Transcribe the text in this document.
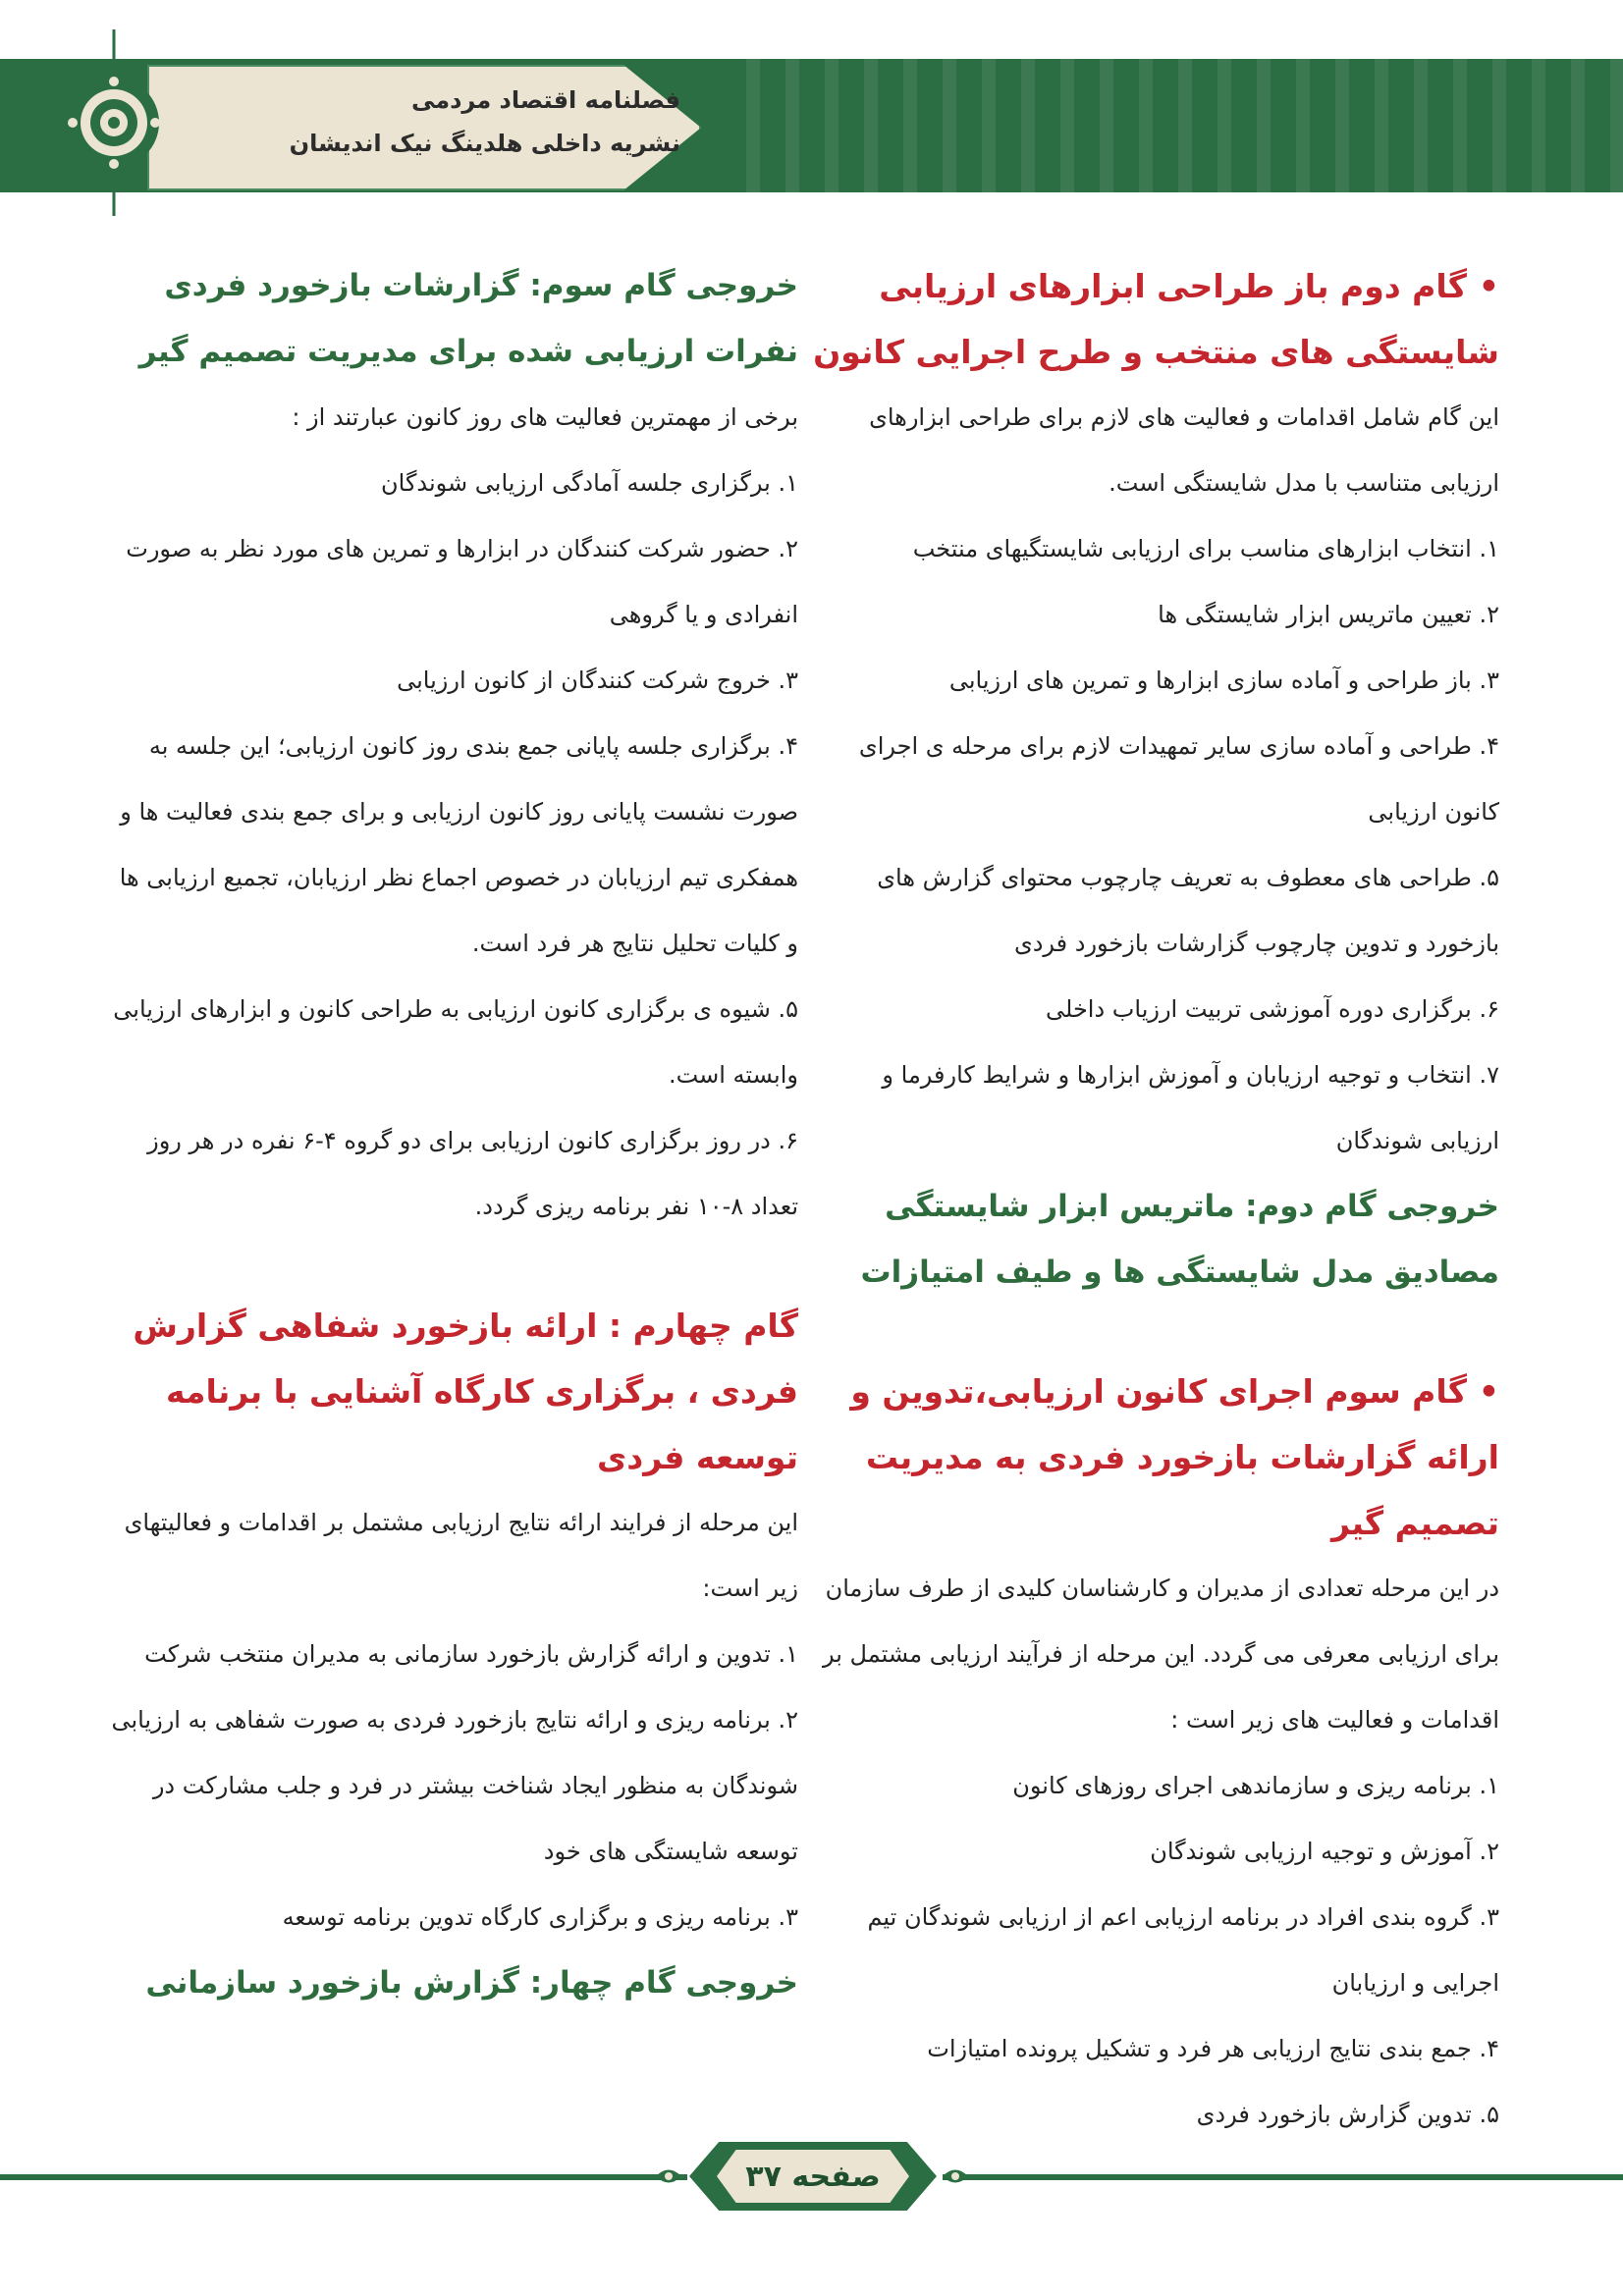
فصلنامه اقتصاد مردمی
نشریه داخلی هلدینگ نیک اندیشان

•گام دوم باز طراحی ابزارهای ارزیابی شایستگی های منتخب و طرح اجرایی کانون

این گام شامل اقدامات و فعالیت های لازم برای طراحی ابزارهای ارزیابی متناسب با مدل شایستگی است.

۱. انتخاب ابزارهای مناسب برای ارزیابی شایستگیهای منتخب
۲. تعیین ماتریس ابزار شایستگی ها
۳. باز طراحی و آماده سازی ابزارها و تمرین های ارزیابی
۴. طراحی و آماده سازی سایر تمهیدات لازم برای مرحله ی اجرای کانون ارزیابی
۵. طراحی های معطوف به تعریف چارچوب محتوای گزارش های بازخورد و تدوین چارچوب گزارشات بازخورد فردی
۶. برگزاری دوره آموزشی تربیت ارزیاب داخلی
۷. انتخاب و توجیه ارزیابان و آموزش ابزارها و شرایط کارفرما و ارزیابی شوندگان

خروجی گام دوم: ماتریس ابزار شایستگی مصادیق مدل شایستگی ها و طیف امتیازات

•گام سوم اجرای کانون ارزیابی،تدوین و ارائه گزارشات بازخورد فردی به مدیریت تصمیم گیر

در این مرحله تعدادی از مدیران و کارشناسان کلیدی از طرف سازمان برای ارزیابی معرفی می گردد. این مرحله از فرآیند ارزیابی مشتمل بر اقدامات و فعالیت های زیر است :

۱. برنامه ریزی و سازماندهی اجرای روزهای کانون
۲. آموزش و توجیه ارزیابی شوندگان
۳. گروه بندی افراد در برنامه ارزیابی اعم از ارزیابی شوندگان تیم اجرایی و ارزیابان
۴. جمع بندی نتایج ارزیابی هر فرد و تشکیل پرونده امتیازات
۵. تدوین گزارش بازخورد فردی

خروجی گام سوم: گزارشات بازخورد فردی نفرات ارزیابی شده برای مدیریت تصمیم گیر

برخی از مهمترین فعالیت های روز کانون عبارتند از :

۱. برگزاری جلسه آمادگی ارزیابی شوندگان
۲. حضور شرکت کنندگان در ابزارها و تمرین های مورد نظر به صورت انفرادی و یا گروهی
۳. خروج شرکت کنندگان از کانون ارزیابی
۴. برگزاری جلسه پایانی جمع بندی روز کانون ارزیابی؛ این جلسه به صورت نشست پایانی روز کانون ارزیابی و برای جمع بندی فعالیت ها و همفکری تیم ارزیابان در خصوص اجماع نظر ارزیابان، تجمیع ارزیابی ها و کلیات تحلیل نتایج هر فرد است.
۵. شیوه ی برگزاری کانون ارزیابی به طراحی کانون و ابزارهای ارزیابی وابسته است.
۶. در روز برگزاری کانون ارزیابی برای دو گروه ۴-۶ نفره در هر روز تعداد ۸-۱۰ نفر برنامه ریزی گردد.

گام چهارم : ارائه بازخورد شفاهی گزارش فردی ، برگزاری کارگاه آشنایی با برنامه توسعه فردی

این مرحله از فرایند ارائه نتایج ارزیابی مشتمل بر اقدامات و فعالیتهای زیر است:

۱. تدوین و ارائه گزارش بازخورد سازمانی به مدیران منتخب شرکت
۲. برنامه ریزی و ارائه نتایج بازخورد فردی به صورت شفاهی به ارزیابی شوندگان به منظور ایجاد شناخت بیشتر در فرد و جلب مشارکت در توسعه شایستگی های خود
۳. برنامه ریزی و برگزاری کارگاه تدوین برنامه توسعه

خروجی گام چهار: گزارش بازخورد سازمانی

صفحه ۳۷
